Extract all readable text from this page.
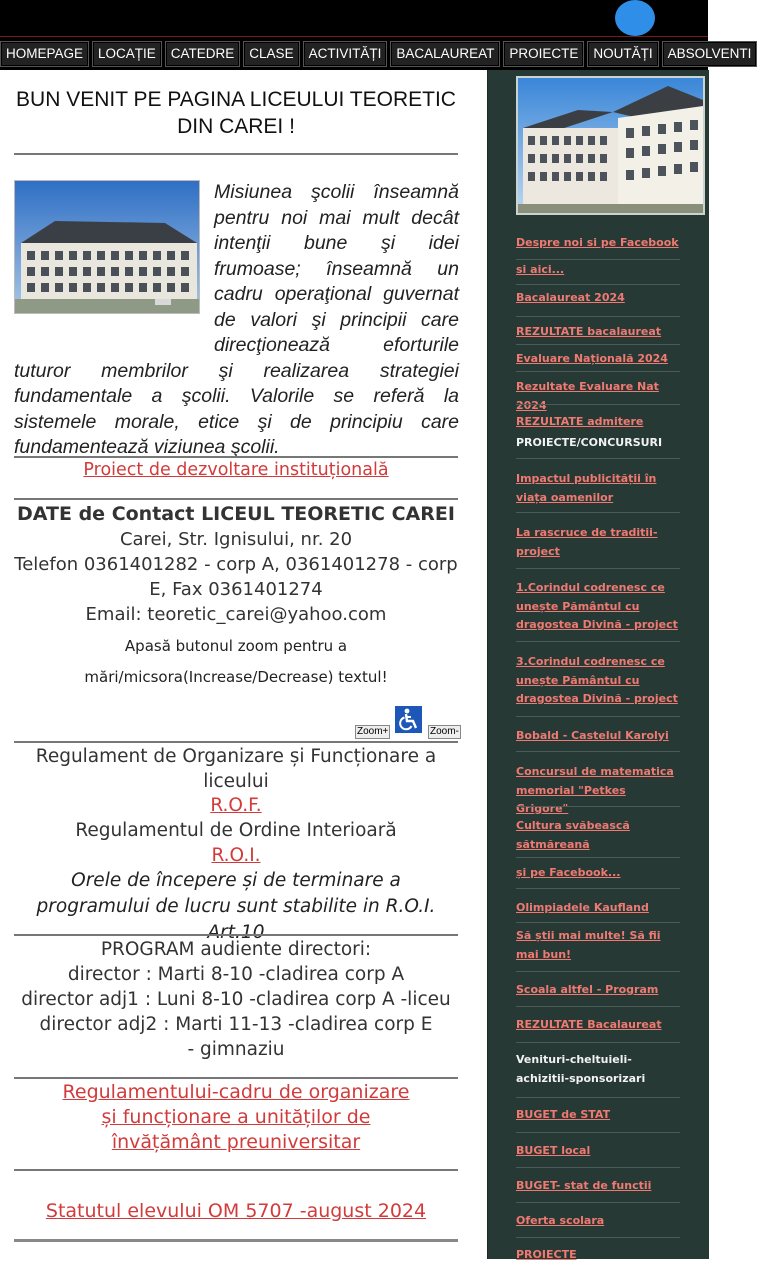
HOMEPAGE	LOCAȚIE	CATEDRE	CLASE	ACTIVITĂȚI	BACALAUREAT	PROIECTE	NOUTĂȚI	ABSOLVENTI
BUN VENIT PE PAGINA LICEULUI TEORETIC DIN CAREI !
Misiunea şcolii înseamnă pentru noi mai mult decât intenţii bune şi idei frumoase; înseamnă un cadru operaţional guvernat de valori şi principii care direcţionează eforturile tuturor membrilor şi realizarea strategiei fundamentale a şcolii. Valorile se referă la sistemele morale, etice şi de principiu care fundamentează viziunea şcolii.
Proiect de dezvoltare instituțională
DATE de Contact LICEUL TEORETIC CAREI
Carei, Str. Ignisului, nr. 20
Telefon 0361401282 - corp A, 0361401278 - corp E, Fax 0361401274
Email: teoretic_carei@yahoo.com
Apasă butonul zoom pentru a
mări/micsora(Increase/Decrease) textul!
Zoom+	Zoom-
Regulament de Organizare și Funcționare a liceului
R.O.F.
Regulamentul de Ordine Interioară
R.O.I.
Orele de începere și de terminare a programului de lucru sunt stabilite in R.O.I. Art.10
PROGRAM audiente directori:
director : Marti 8-10 -cladirea corp A
director adj1 : Luni 8-10 -cladirea corp A -liceu
director adj2 : Marti 11-13 -cladirea corp E - gimnaziu
Regulamentului-cadru de organizare și funcționare a unităților de învățământ preuniversitar
Statutul elevului OM 5707 -august 2024
Despre noi si pe Facebook
si aici...
Bacalaureat 2024
REZULTATE bacalaureat
Evaluare Națională 2024
Rezultate Evaluare Nat 2024
REZULTATE admitere
PROIECTE/CONCURSURI
Impactul publicității în viața oamenilor
La rascruce de traditii-project
1.Corindul codrenesc ce unește Pământul cu dragostea Divină - project
3.Corindul codrenesc ce unește Pământul cu dragostea Divină - project
Bobald - Castelul Karolyi
Concursul de matematica memorial "Petkes Grigore"
Cultura svăbească sătmăreană
și pe Facebook...
Olimpiadele Kaufland
Să știi mai multe! Să fii mai bun!
Scoala altfel - Program
REZULTATE Bacalaureat
Venituri-cheltuieli-achizitii-sponsorizari
BUGET de STAT
BUGET local
BUGET- stat de functii
Oferta scolara
PROIECTE
